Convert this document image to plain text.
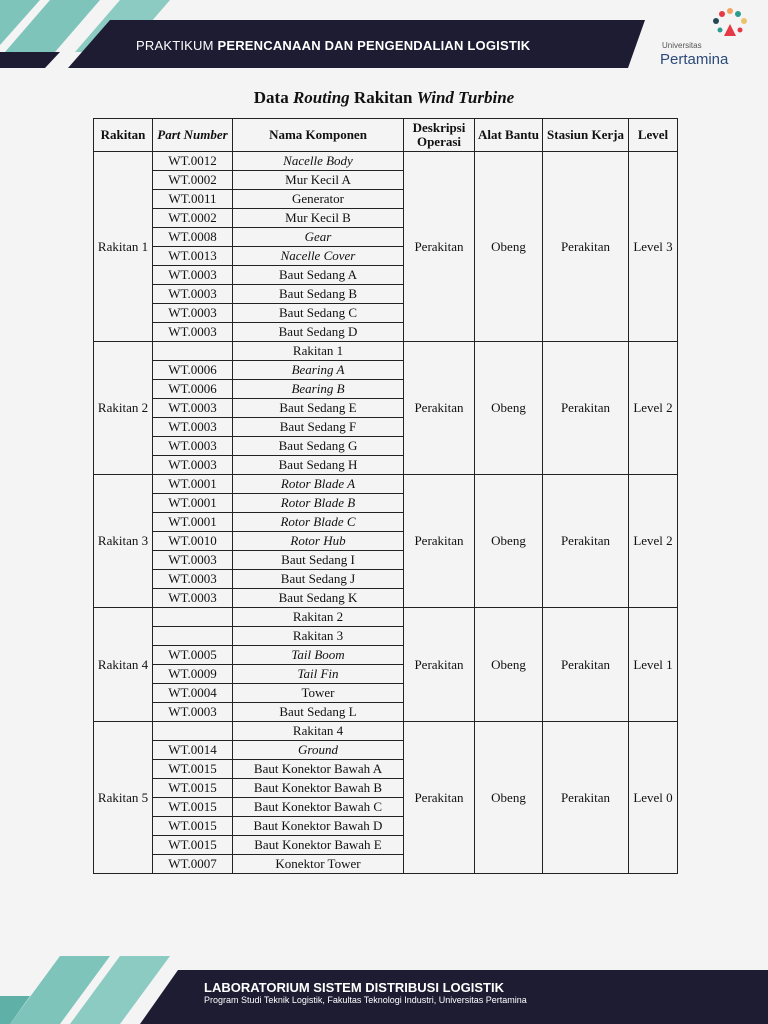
PRAKTIKUM PERENCANAAN DAN PENGENDALIAN LOGISTIK	Universitas
Pertamina
Data Routing Rakitan Wind Turbine
Rakitan	Part Number	Nama Komponen	Deskripsi Operasi	Alat Bantu	Stasiun Kerja	Level
Rakitan 1	WT.0012	Nacelle Body	Perakitan	Obeng	Perakitan	Level 3
	WT.0002	Mur Kecil A				
	WT.0011	Generator				
	WT.0002	Mur Kecil B				
	WT.0008	Gear				
	WT.0013	Nacelle Cover				
	WT.0003	Baut Sedang A				
	WT.0003	Baut Sedang B				
	WT.0003	Baut Sedang C				
	WT.0003	Baut Sedang D				
Rakitan 2		Rakitan 1	Perakitan	Obeng	Perakitan	Level 2
	WT.0006	Bearing A				
	WT.0006	Bearing B				
	WT.0003	Baut Sedang E				
	WT.0003	Baut Sedang F				
	WT.0003	Baut Sedang G				
	WT.0003	Baut Sedang H				
Rakitan 3	WT.0001	Rotor Blade A	Perakitan	Obeng	Perakitan	Level 2
	WT.0001	Rotor Blade B				
	WT.0001	Rotor Blade C				
	WT.0010	Rotor Hub				
	WT.0003	Baut Sedang I				
	WT.0003	Baut Sedang J				
	WT.0003	Baut Sedang K				
Rakitan 4		Rakitan 2	Perakitan	Obeng	Perakitan	Level 1
		Rakitan 3				
	WT.0005	Tail Boom				
	WT.0009	Tail Fin				
	WT.0004	Tower				
	WT.0003	Baut Sedang L				
Rakitan 5		Rakitan 4	Perakitan	Obeng	Perakitan	Level 0
	WT.0014	Ground				
	WT.0015	Baut Konektor Bawah A				
	WT.0015	Baut Konektor Bawah B				
	WT.0015	Baut Konektor Bawah C				
	WT.0015	Baut Konektor Bawah D				
	WT.0015	Baut Konektor Bawah E				
	WT.0007	Konektor Tower				
LABORATORIUM SISTEM DISTRIBUSI LOGISTIK
Program Studi Teknik Logistik, Fakultas Teknologi Industri, Universitas Pertamina
